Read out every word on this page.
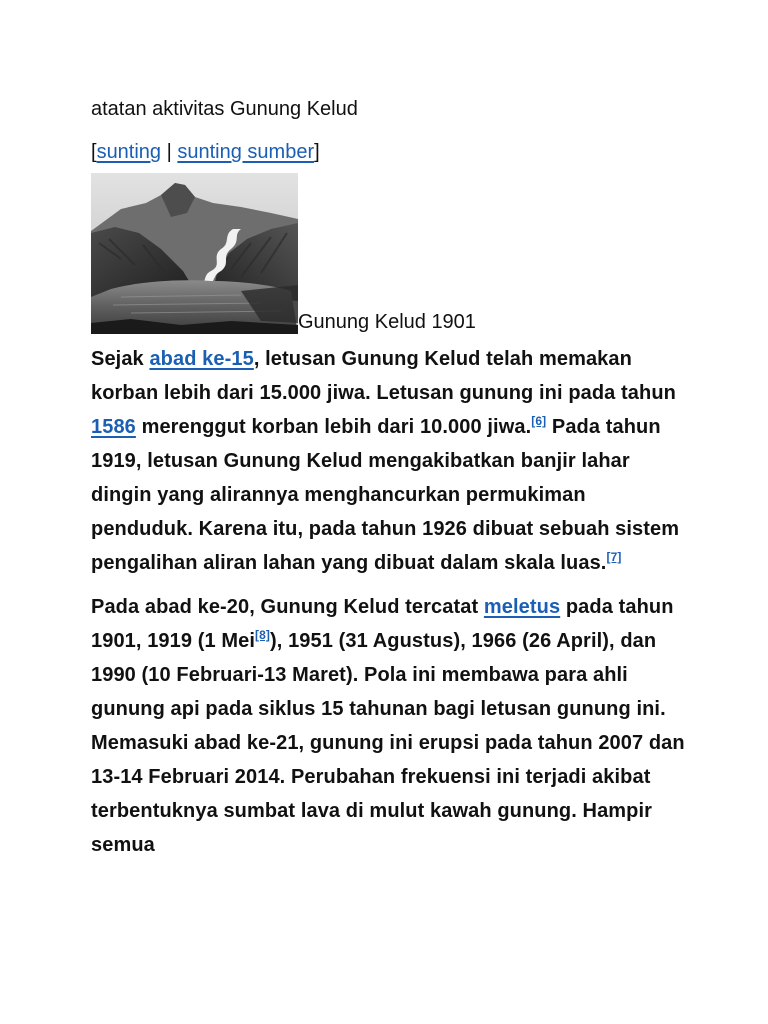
atatan aktivitas Gunung Kelud
[sunting | sunting sumber]
Gunung Kelud 1901

Sejak abad ke-15, letusan Gunung Kelud telah memakan korban lebih dari 15.000 jiwa. Letusan gunung ini pada tahun 1586 merenggut korban lebih dari 10.000 jiwa.[6] Pada tahun 1919, letusan Gunung Kelud mengakibatkan banjir lahar dingin yang alirannya menghancurkan permukiman penduduk. Karena itu, pada tahun 1926 dibuat sebuah sistem pengalihan aliran lahan yang dibuat dalam skala luas.[7]

Pada abad ke-20, Gunung Kelud tercatat meletus pada tahun 1901, 1919 (1 Mei[8]), 1951 (31 Agustus), 1966 (26 April), dan 1990 (10 Februari-13 Maret). Pola ini membawa para ahli gunung api pada siklus 15 tahunan bagi letusan gunung ini. Memasuki abad ke-21, gunung ini erupsi pada tahun 2007 dan 13-14 Februari 2014. Perubahan frekuensi ini terjadi akibat terbentuknya sumbat lava di mulut kawah gunung. Hampir semua
